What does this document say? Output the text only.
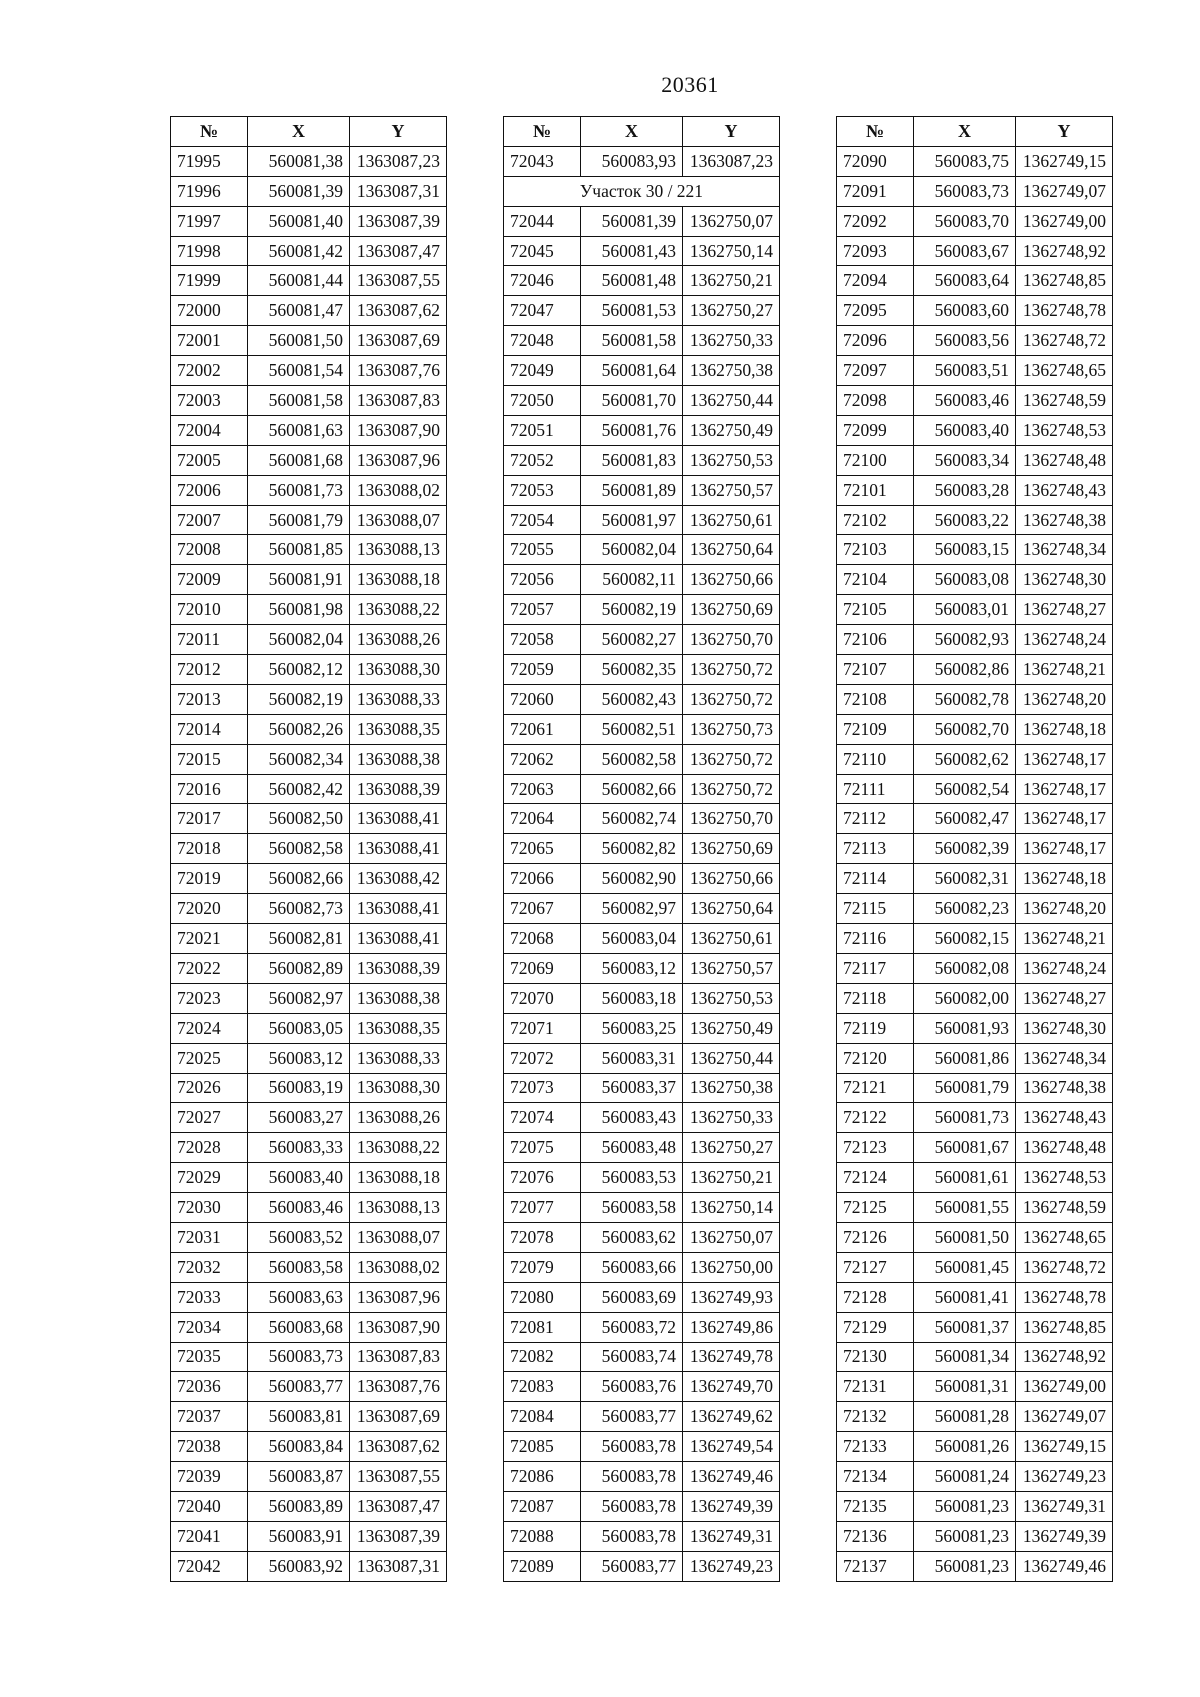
20361
№	X	Y
71995	560081,38	1363087,23
71996	560081,39	1363087,31
71997	560081,40	1363087,39
71998	560081,42	1363087,47
71999	560081,44	1363087,55
72000	560081,47	1363087,62
72001	560081,50	1363087,69
72002	560081,54	1363087,76
72003	560081,58	1363087,83
72004	560081,63	1363087,90
72005	560081,68	1363087,96
72006	560081,73	1363088,02
72007	560081,79	1363088,07
72008	560081,85	1363088,13
72009	560081,91	1363088,18
72010	560081,98	1363088,22
72011	560082,04	1363088,26
72012	560082,12	1363088,30
72013	560082,19	1363088,33
72014	560082,26	1363088,35
72015	560082,34	1363088,38
72016	560082,42	1363088,39
72017	560082,50	1363088,41
72018	560082,58	1363088,41
72019	560082,66	1363088,42
72020	560082,73	1363088,41
72021	560082,81	1363088,41
72022	560082,89	1363088,39
72023	560082,97	1363088,38
72024	560083,05	1363088,35
72025	560083,12	1363088,33
72026	560083,19	1363088,30
72027	560083,27	1363088,26
72028	560083,33	1363088,22
72029	560083,40	1363088,18
72030	560083,46	1363088,13
72031	560083,52	1363088,07
72032	560083,58	1363088,02
72033	560083,63	1363087,96
72034	560083,68	1363087,90
72035	560083,73	1363087,83
72036	560083,77	1363087,76
72037	560083,81	1363087,69
72038	560083,84	1363087,62
72039	560083,87	1363087,55
72040	560083,89	1363087,47
72041	560083,91	1363087,39
72042	560083,92	1363087,31
№	X	Y
72043	560083,93	1363087,23
Участок 30 / 221		
72044	560081,39	1362750,07
72045	560081,43	1362750,14
72046	560081,48	1362750,21
72047	560081,53	1362750,27
72048	560081,58	1362750,33
72049	560081,64	1362750,38
72050	560081,70	1362750,44
72051	560081,76	1362750,49
72052	560081,83	1362750,53
72053	560081,89	1362750,57
72054	560081,97	1362750,61
72055	560082,04	1362750,64
72056	560082,11	1362750,66
72057	560082,19	1362750,69
72058	560082,27	1362750,70
72059	560082,35	1362750,72
72060	560082,43	1362750,72
72061	560082,51	1362750,73
72062	560082,58	1362750,72
72063	560082,66	1362750,72
72064	560082,74	1362750,70
72065	560082,82	1362750,69
72066	560082,90	1362750,66
72067	560082,97	1362750,64
72068	560083,04	1362750,61
72069	560083,12	1362750,57
72070	560083,18	1362750,53
72071	560083,25	1362750,49
72072	560083,31	1362750,44
72073	560083,37	1362750,38
72074	560083,43	1362750,33
72075	560083,48	1362750,27
72076	560083,53	1362750,21
72077	560083,58	1362750,14
72078	560083,62	1362750,07
72079	560083,66	1362750,00
72080	560083,69	1362749,93
72081	560083,72	1362749,86
72082	560083,74	1362749,78
72083	560083,76	1362749,70
72084	560083,77	1362749,62
72085	560083,78	1362749,54
72086	560083,78	1362749,46
72087	560083,78	1362749,39
72088	560083,78	1362749,31
72089	560083,77	1362749,23
№	X	Y
72090	560083,75	1362749,15
72091	560083,73	1362749,07
72092	560083,70	1362749,00
72093	560083,67	1362748,92
72094	560083,64	1362748,85
72095	560083,60	1362748,78
72096	560083,56	1362748,72
72097	560083,51	1362748,65
72098	560083,46	1362748,59
72099	560083,40	1362748,53
72100	560083,34	1362748,48
72101	560083,28	1362748,43
72102	560083,22	1362748,38
72103	560083,15	1362748,34
72104	560083,08	1362748,30
72105	560083,01	1362748,27
72106	560082,93	1362748,24
72107	560082,86	1362748,21
72108	560082,78	1362748,20
72109	560082,70	1362748,18
72110	560082,62	1362748,17
72111	560082,54	1362748,17
72112	560082,47	1362748,17
72113	560082,39	1362748,17
72114	560082,31	1362748,18
72115	560082,23	1362748,20
72116	560082,15	1362748,21
72117	560082,08	1362748,24
72118	560082,00	1362748,27
72119	560081,93	1362748,30
72120	560081,86	1362748,34
72121	560081,79	1362748,38
72122	560081,73	1362748,43
72123	560081,67	1362748,48
72124	560081,61	1362748,53
72125	560081,55	1362748,59
72126	560081,50	1362748,65
72127	560081,45	1362748,72
72128	560081,41	1362748,78
72129	560081,37	1362748,85
72130	560081,34	1362748,92
72131	560081,31	1362749,00
72132	560081,28	1362749,07
72133	560081,26	1362749,15
72134	560081,24	1362749,23
72135	560081,23	1362749,31
72136	560081,23	1362749,39
72137	560081,23	1362749,46
